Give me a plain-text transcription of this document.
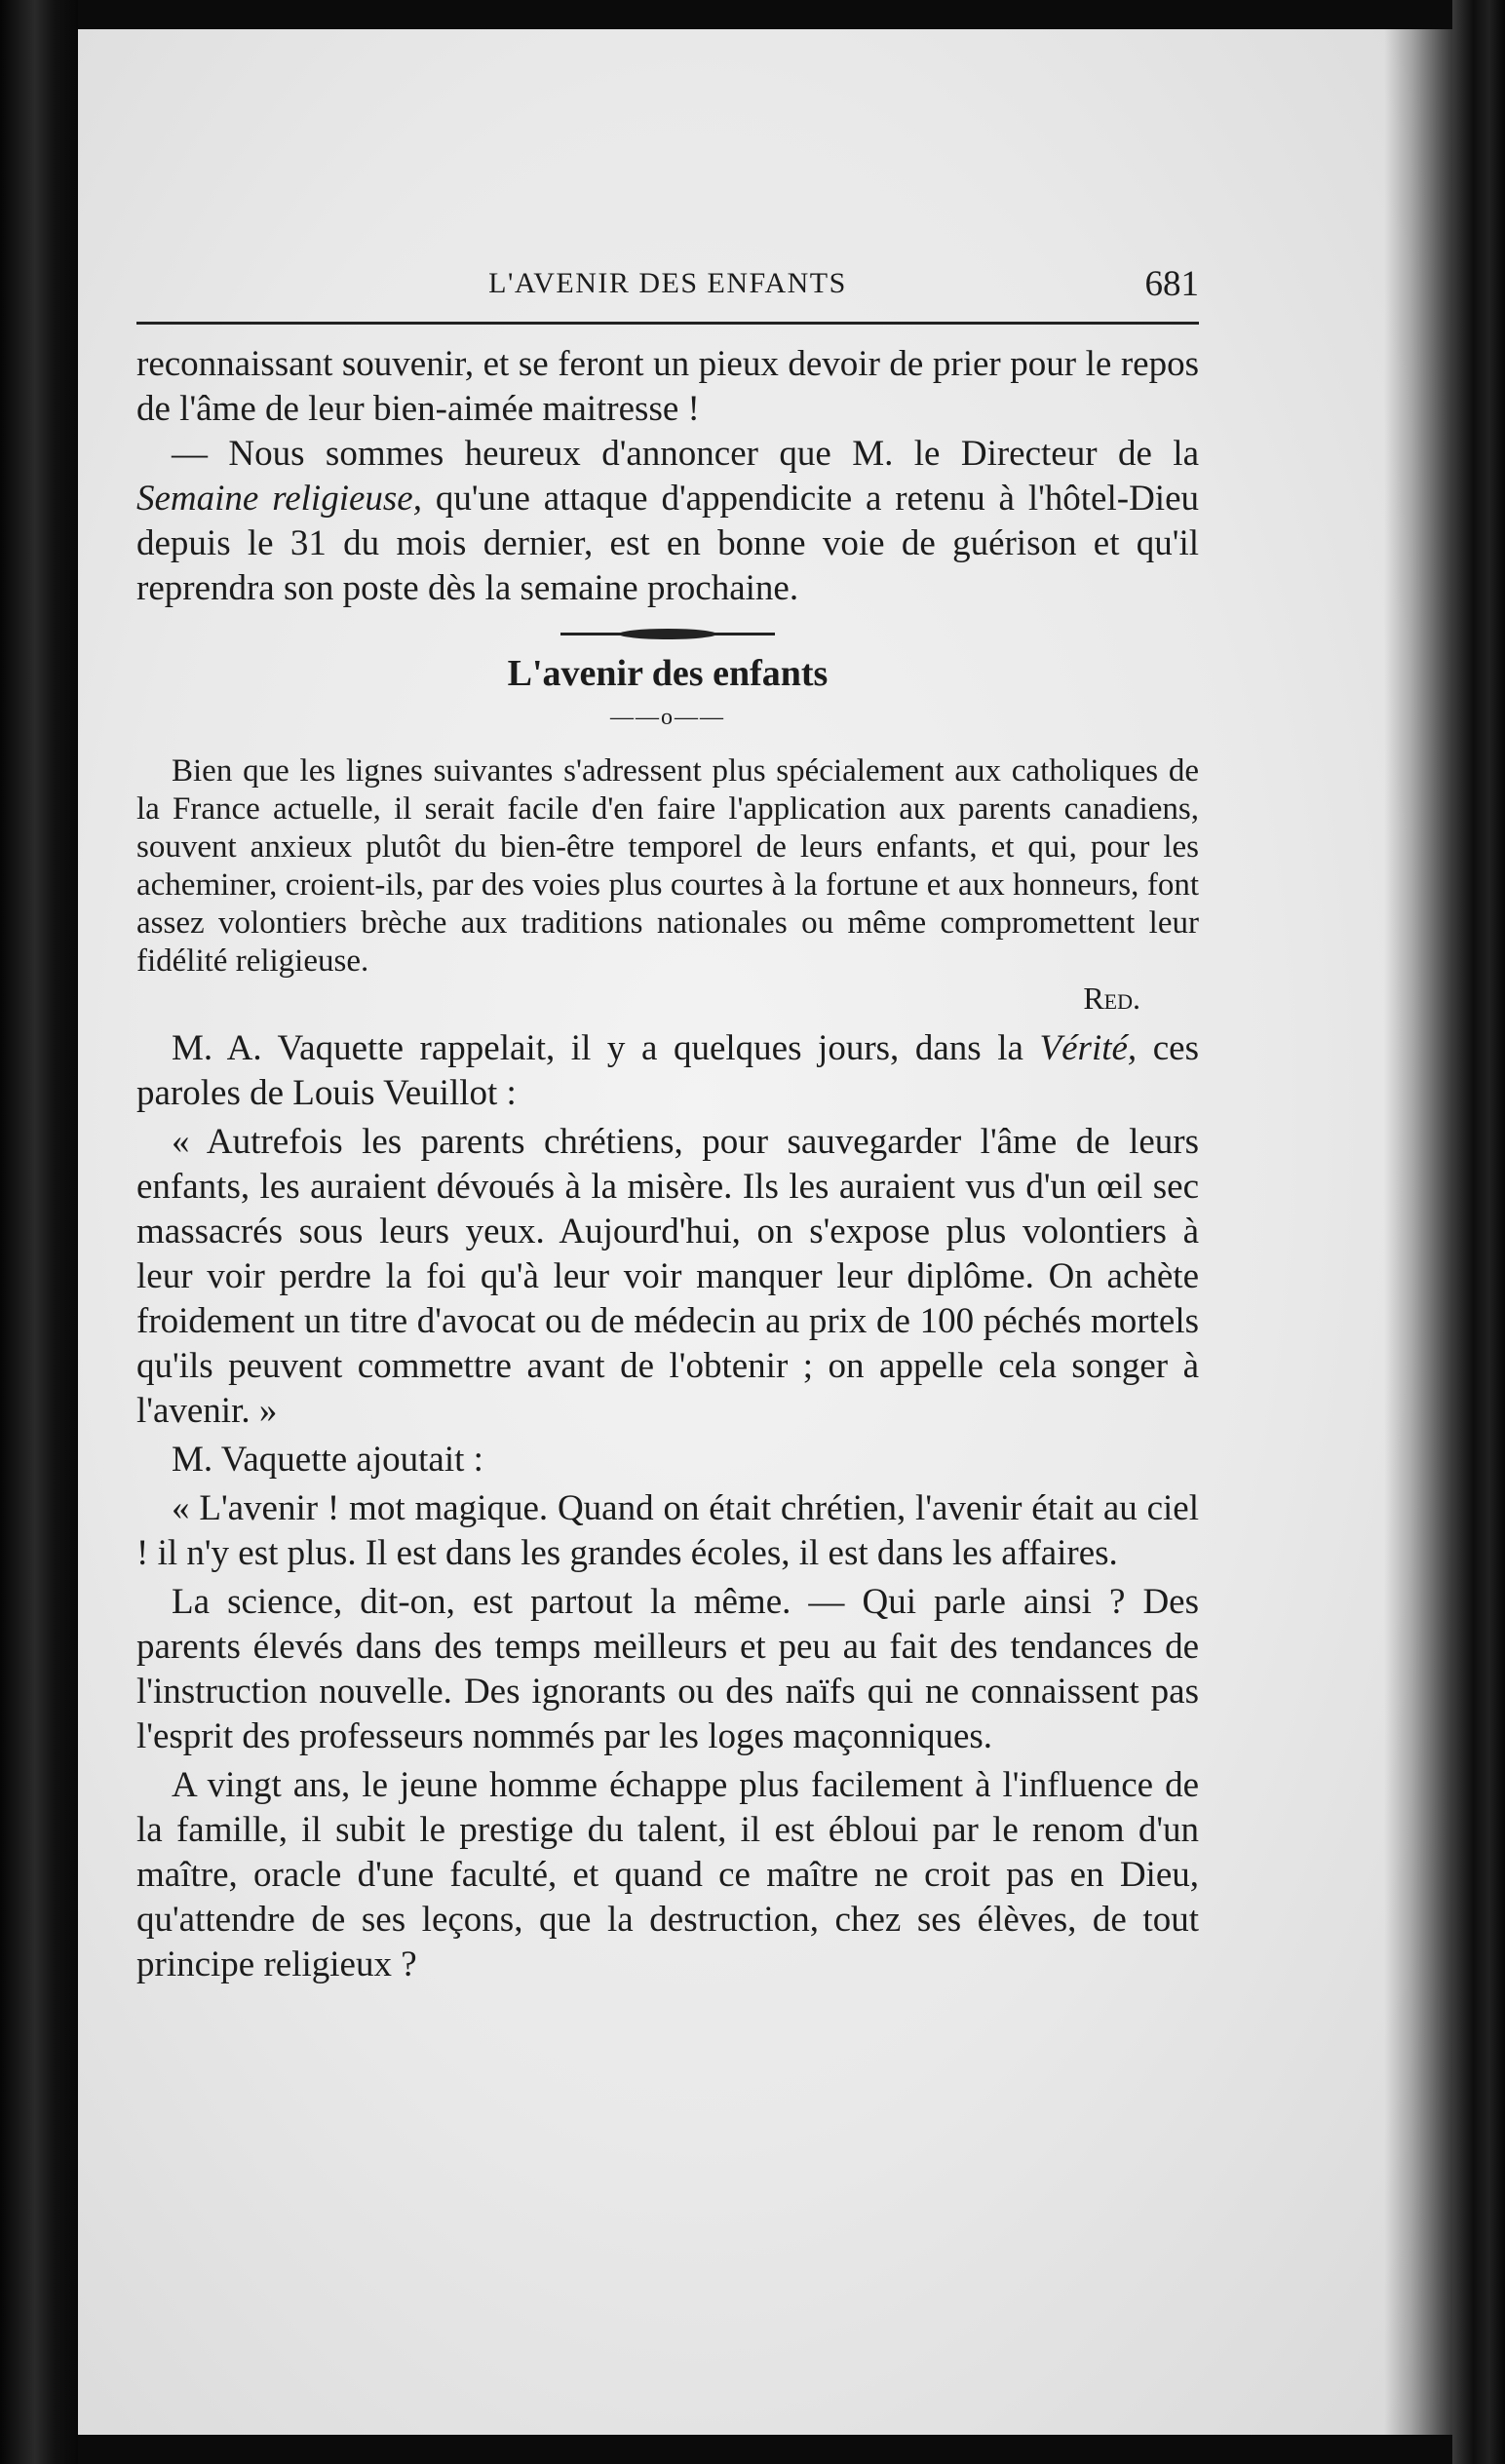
L'AVENIR DES ENFANTS	681

reconnaissant souvenir, et se feront un pieux devoir de prier pour le repos de l'âme de leur bien-aimée maitresse !

— Nous sommes heureux d'annoncer que M. le Directeur de la Semaine religieuse, qu'une attaque d'appendicite a retenu à l'hôtel-Dieu depuis le 31 du mois dernier, est en bonne voie de guérison et qu'il reprendra son poste dès la semaine prochaine.

L'avenir des enfants
——o——

Bien que les lignes suivantes s'adressent plus spécialement aux catholiques de la France actuelle, il serait facile d'en faire l'application aux parents canadiens, souvent anxieux plutôt du bien-être temporel de leurs enfants, et qui, pour les acheminer, croient-ils, par des voies plus courtes à la fortune et aux honneurs, font assez volontiers brèche aux traditions nationales ou même compromettent leur fidélité religieuse.

Red.

M. A. Vaquette rappelait, il y a quelques jours, dans la Vérité, ces paroles de Louis Veuillot :

« Autrefois les parents chrétiens, pour sauvegarder l'âme de leurs enfants, les auraient dévoués à la misère. Ils les auraient vus d'un œil sec massacrés sous leurs yeux. Aujourd'hui, on s'expose plus volontiers à leur voir perdre la foi qu'à leur voir manquer leur diplôme. On achète froidement un titre d'avocat ou de médecin au prix de 100 péchés mortels qu'ils peuvent commettre avant de l'obtenir ; on appelle cela songer à l'avenir. »

M. Vaquette ajoutait :

« L'avenir ! mot magique. Quand on était chrétien, l'avenir était au ciel ! il n'y est plus. Il est dans les grandes écoles, il est dans les affaires.

La science, dit-on, est partout la même. — Qui parle ainsi ? Des parents élevés dans des temps meilleurs et peu au fait des tendances de l'instruction nouvelle. Des ignorants ou des naïfs qui ne connaissent pas l'esprit des professeurs nommés par les loges maçonniques.

A vingt ans, le jeune homme échappe plus facilement à l'influence de la famille, il subit le prestige du talent, il est ébloui par le renom d'un maître, oracle d'une faculté, et quand ce maître ne croit pas en Dieu, qu'attendre de ses leçons, que la destruction, chez ses élèves, de tout principe religieux ?
